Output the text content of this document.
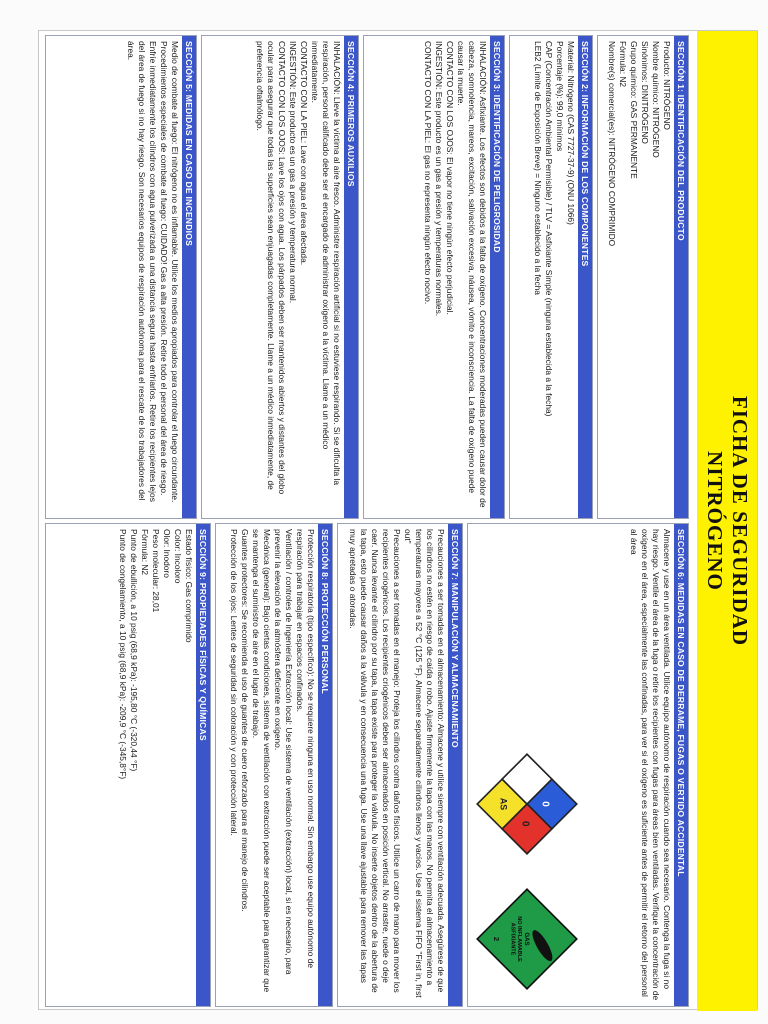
FICHA DE SEGURIDAD
NITRÓGENO
SECCIÓN 1: IDENTIFICACIÓN DEL PRODUCTO

Producto: NITRÓGENO

Nombre químico: NITRÓGENO

Sinónimos: DINITRÓGENO

Grupo químico: GAS PERMANENTE

Fórmula: N2

Nombre(s) comercial(es): NITRÓGENO COMPRIMIDO

SECCIÓN 2: INFORMACIÓN DE LOS COMPONENTES

Material: Nitrógeno (CAS 7727-37-9) (ONU 1066)

Porcentaje (%): 99,0 mínimos

CAP (Concentración Ambiental Permisible) / TLV = Asfixiante Simple (ninguna establecida a la fecha)

LEB2 (Límite de Exposición Breve) = Ninguno establecido a la fecha

SECCIÓN 3: IDENTIFICACIÓN DE PELIGROSIDAD

INHALACIÓN: Asfixiante. Los efectos son debidos a la falta de oxígeno. Concentraciones moderadas pueden causar dolor de cabeza, somnolencia, mareos, excitación, salivación excesiva, náusea, vómito e inconsciencia. La falta de oxígeno puede causar la muerte.

CONTACTO CON LOS OJOS: El vapor no tiene ningún efecto perjudicial.

INGESTIÓN: Este producto es un gas a presión y temperaturas normales.

CONTACTO CON LA PIEL: El gas no representa ningún efecto nocivo.

SECCIÓN 4: PRIMEROS AUXILIOS

INHALACIÓN: Lleve la víctima al aire fresco. Administre respiración artificial si no estuviese respirando. Si se dificulta la respiración, personal calificado debe ser el encargado de administrar oxígeno a la víctima. Llame a un médico inmediatamente.

CONTACTO CON LA PIEL: Lave con agua el área afectada.

INGESTIÓN: Este producto es un gas a presión y temperatura normal.

CONTACTO CON LOS OJOS: Lave los ojos con agua. Los párpados deben ser mantenidos abiertos y distantes del globo ocular para asegurar que todas las superficies sean enjuagadas completamente. Llame a un médico inmediatamente, de preferencia oftalmólogo.

SECCIÓN 5: MEDIDAS EN CASO DE INCENDIOS

Medio de combate al fuego: El nitrógeno no es inflamable. Utilice los medios apropiados para controlar el fuego circundante.

Procedimientos especiales de combate al fuego: CUIDADO! Gas a alta presión. Retire todo el personal del área de riesgo. Enfríe inmediatamente los cilindros con agua pulverizada a una distancia segura hasta enfriarlos. Retire los recipientes lejos del área de fuego si no hay riesgo. Son necesarios equipos de respiración autónoma para el rescate de los trabajadores del área.

SECCIÓN 6: MEDIDAS EN CASO DE DERRAME, FUGAS O VERTIDO ACCIDENTAL

Almacene y use en un área ventilada. Utilice equipo autónomo de respiración cuando sea necesario. Contenga la fuga si no hay riesgo. Ventile el área de la fuga o retire los recipientes con fugas para áreas bien ventiladas. Verifique la concentración de oxígeno en el área, especialmente las confinadas, para ver si el oxígeno es suficiente antes de permitir el retorno del personal al área

3
0
0
AS
GAS
NO INFLAMABLE
ASFIXIANTE
2
SECCIÓN 7: MANIPULACIÓN Y ALMACENAMIENTO

Precauciones a ser tomadas en el almacenamiento: Almacene y utilice siempre con ventilación adecuada. Asegúrese de que los cilindros no estén en riesgo de caída o robo. Ajuste firmemente la tapa con las manos. No permita el almacenamiento a temperaturas mayores a 52 °C (125 °F). Almacene separadamente cilindros llenos y vacíos. Use el sistema FIFO "First in, first out"

Precauciones a ser tomadas en el manejo: Proteja los cilindros contra daños físicos. Utilice un carro de mano para mover los recipientes criogénicos. Los recipientes criogénicos deben ser almacenados en posición vertical. No arrastre, ruede o deje caer. Nunca levante el cilindro por su tapa, la tapa existe para proteger la válvula. No inserte objetos dentro de la abertura de la tapa, esto puede causar daños a la válvula y en consecuencia una fuga. Use una llave ajustable para remover las tapas muy apretadas o atoradas.

SECCIÓN 8: PROTECCIÓN PERSONAL

Protección respiratoria (tipo específico): No se requiere ninguna en uso normal. Sin embargo use equipo autónomo de respiración para trabajar en espacios confinados.

Ventilación / controles de Ingeniería Extracción local: Use sistema de ventilación (extracción) local, si es necesario, para prevenir la elevación de la atmósfera deficiente en oxígeno.

Mecánica (general): Bajo ciertas condiciones, sistema de ventilación con extracción puede ser aceptable para garantizar que se mantenga el suministro de aire en el lugar de trabajo.

Guantes protectores: Se recomienda el uso de guantes de cuero reforzado para el manejo de cilindros.

Protección de los ojos: Lentes de seguridad sin coloración y con protección lateral.

SECCIÓN 9: PROPIEDADES FÍSICAS Y QUÍMICAS

Estado físico: Gas comprimido

Color: Incoloro

Olor: Inodoro

Peso molecular: 28,01

Fórmula: N2

Punto de ebullición, a 10 psig (68,9 kPa): -195,80 °C (-320,44 °F)

Punto de congelamiento, a 10 psig (68,9 kPa): -209,9 °C (-345,8°F)
